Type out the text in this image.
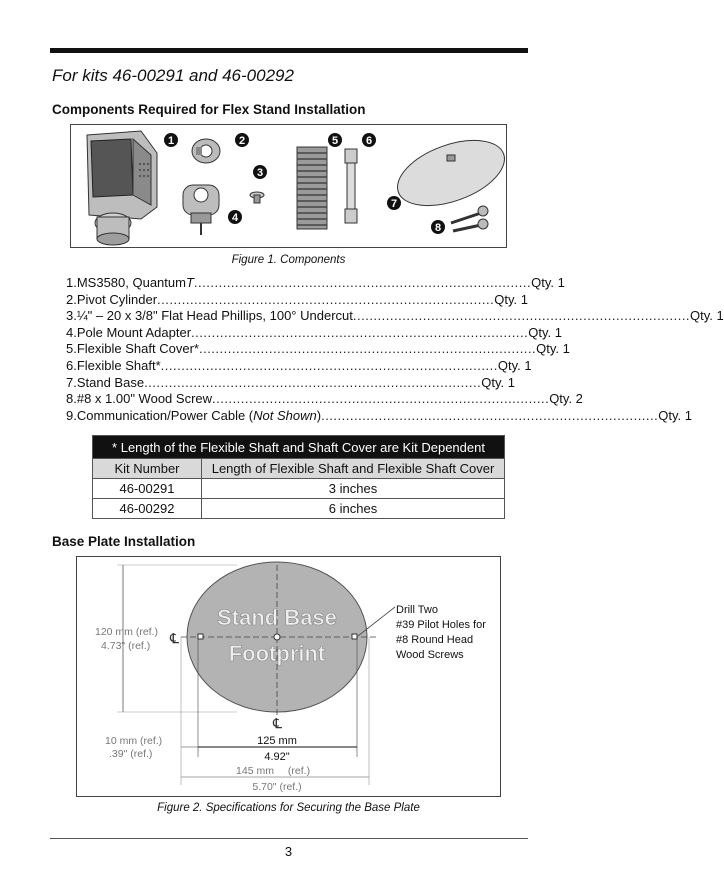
For kits 46-00291 and 46-00292
Components Required for Flex Stand Installation
1	2
3
4
5	6
7
8
Figure 1. Components
1. MS3580, QuantumT .................................................................................. Qty. 1
2. Pivot Cylinder .................................................................................. Qty. 1
3. ¼" – 20 x 3/8" Flat Head Phillips, 100° Undercut .................................................................................. Qty. 1
4. Pole Mount Adapter .................................................................................. Qty. 1
5. Flexible Shaft Cover* .................................................................................. Qty. 1
6. Flexible Shaft* .................................................................................. Qty. 1
7. Stand Base .................................................................................. Qty. 1
8. #8 x 1.00" Wood Screw .................................................................................. Qty. 2
9. Communication/Power Cable (Not Shown) .................................................................................. Qty. 1
* Length of the Flexible Shaft and Shaft Cover are Kit Dependent	
Kit Number	Length of Flexible Shaft and Flexible Shaft Cover
46-00291	3 inches
46-00292	6 inches
Base Plate Installation
Stand Base
Footprint
℄
℄
Drill Two
#39 Pilot Holes for
#8 Round Head
Wood Screws
120 mm (ref.)
4.73" (ref.)
10 mm (ref.)
.39" (ref.)
125 mm
4.92"
145 mm (ref.)
5.70" (ref.)
Figure 2. Specifications for Securing the Base Plate
3
